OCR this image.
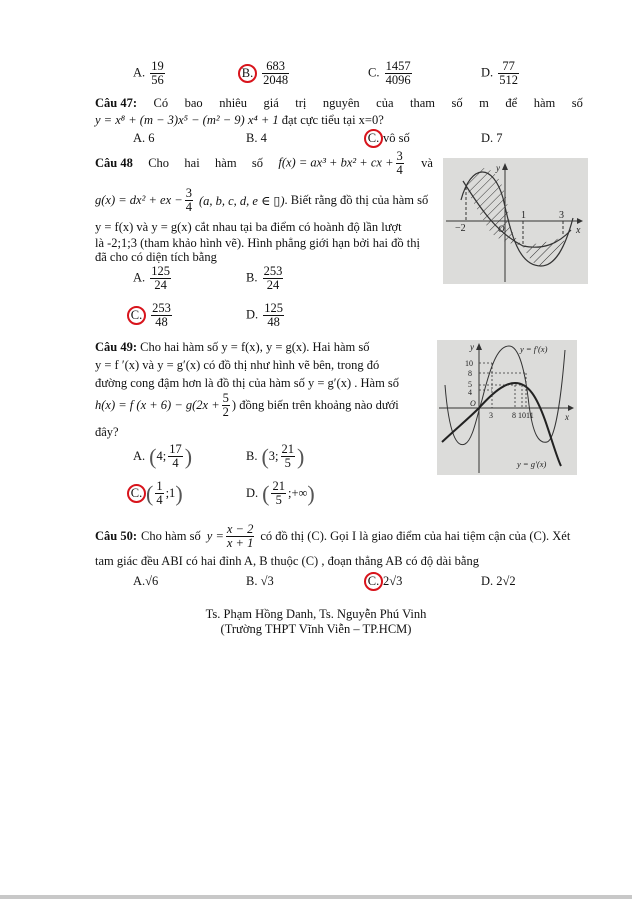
A. $\frac{19}{56}$	B. $\frac{683}{2048}$	C. $\frac{1457}{4096}$	D. $\frac{77}{512}$
Câu 47: Có bao nhiêu giá trị nguyên của tham số m để hàm số
y = x⁸ + (m − 3)x⁵ − (m² − 9) x⁴ + 1 đạt cực tiểu tại x=0?
A. 6	B. 4	C. vô số	D. 7
Câu 48 Cho hai hàm số f(x) = ax³ + bx² + cx + $\frac{3}{4}$ và
g(x) = dx² + ex − $\frac{3}{4} (a$, b, c, d, e ∈ ▯) . Biết rằng đồ thị của hàm số
y = f(x) và y = g(x) cắt nhau tại ba điểm có hoành độ lần lượt
là -2;1;3 (tham khảo hình vẽ). Hình phẳng giới hạn bởi hai đồ thị
đã cho có diện tích bằng
−2
1	3
O
y
x
A. $\frac{125}{24}$	B. $\frac{253}{24}$
C. $\frac{253}{48}$	D. $\frac{125}{48}$
Câu 49: Cho hai hàm số y = f(x), y = g(x). Hai hàm số
y = f ′(x) và y = g′(x) có đồ thị như hình vẽ bên, trong đó
đường cong đậm hơn là đồ thị của hàm số y = g′(x) . Hàm số
h(x) = f $(x + 6) - g(2x + \frac{5}{2}$ ) đồng biến trên khoảng nào dưới
đây?
10
8
5
4
O
3 8 10 11
y
x
y = f′(x)
y = g′(x)
A. ( 4; $\frac{17}{4}$ )	B. ( 3; $\frac{21}{5}$ )
C. ( $\frac{1}{4}$ ;1 )	D. ( $\frac{21}{5}$ ;+∞ )
Câu 50: Cho hàm số $y = \frac{x - 2}{x + 1}$ có đồ thị (C). Gọi I là giao điểm của hai tiệm cận của (C). Xét
tam giác đều ABI có hai đỉnh A, B thuộc (C) , đoạn thẳng AB có độ dài bằng
A.√6	B. √3	C. 2√3	D. 2√2
Ts. Phạm Hồng Danh, Ts. Nguyễn Phú Vinh
(Trường THPT Vĩnh Viễn – TP.HCM)
